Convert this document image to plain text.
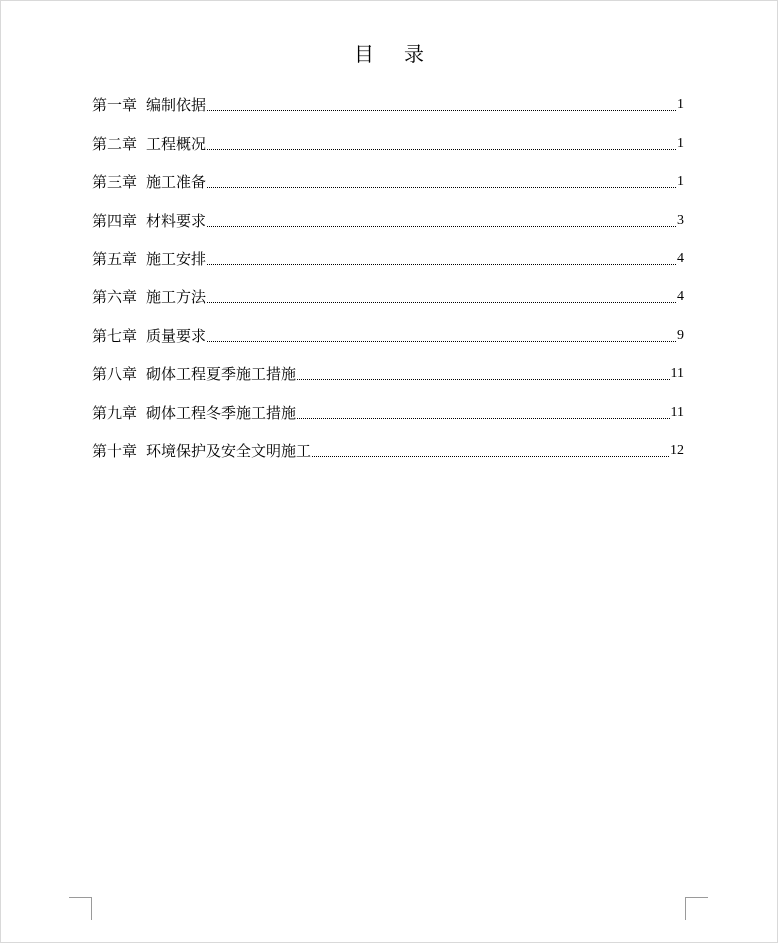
目录
第一章 编制依据	1
第二章 工程概况	1
第三章 施工准备	1
第四章 材料要求	3
第五章 施工安排	4
第六章 施工方法	4
第七章 质量要求	9
第八章 砌体工程夏季施工措施	11
第九章 砌体工程冬季施工措施	11
第十章 环境保护及安全文明施工	12
